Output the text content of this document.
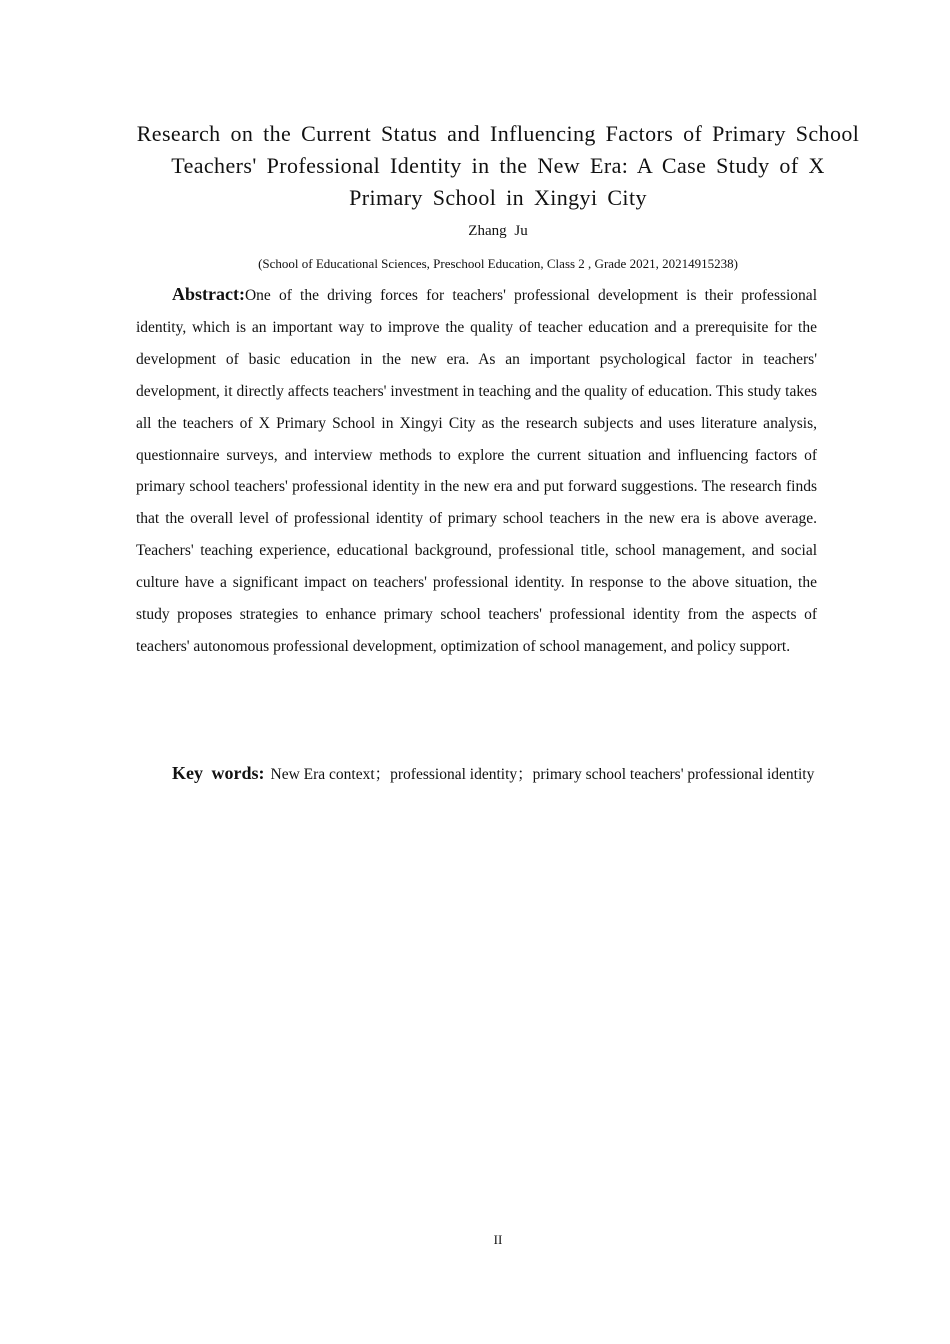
Research on the Current Status and Influencing Factors of Primary School Teachers' Professional Identity in the New Era: A Case Study of X Primary School in Xingyi City
Zhang Ju
(School of Educational Sciences, Preschool Education, Class 2 , Grade 2021, 20214915238)

Abstract:One of the driving forces for teachers' professional development is their professional identity, which is an important way to improve the quality of teacher education and a prerequisite for the development of basic education in the new era. As an important psychological factor in teachers' development, it directly affects teachers' investment in teaching and the quality of education. This study takes all the teachers of X Primary School in Xingyi City as the research subjects and uses literature analysis, questionnaire surveys, and interview methods to explore the current situation and influencing factors of primary school teachers' professional identity in the new era and put forward suggestions. The research finds that the overall level of professional identity of primary school teachers in the new era is above average. Teachers' teaching experience, educational background, professional title, school management, and social culture have a significant impact on teachers' professional identity. In response to the above situation, the study proposes strategies to enhance primary school teachers' professional identity from the aspects of teachers' autonomous professional development, optimization of school management, and policy support.

Key words: New Era context；professional identity；primary school teachers' professional identity

II
